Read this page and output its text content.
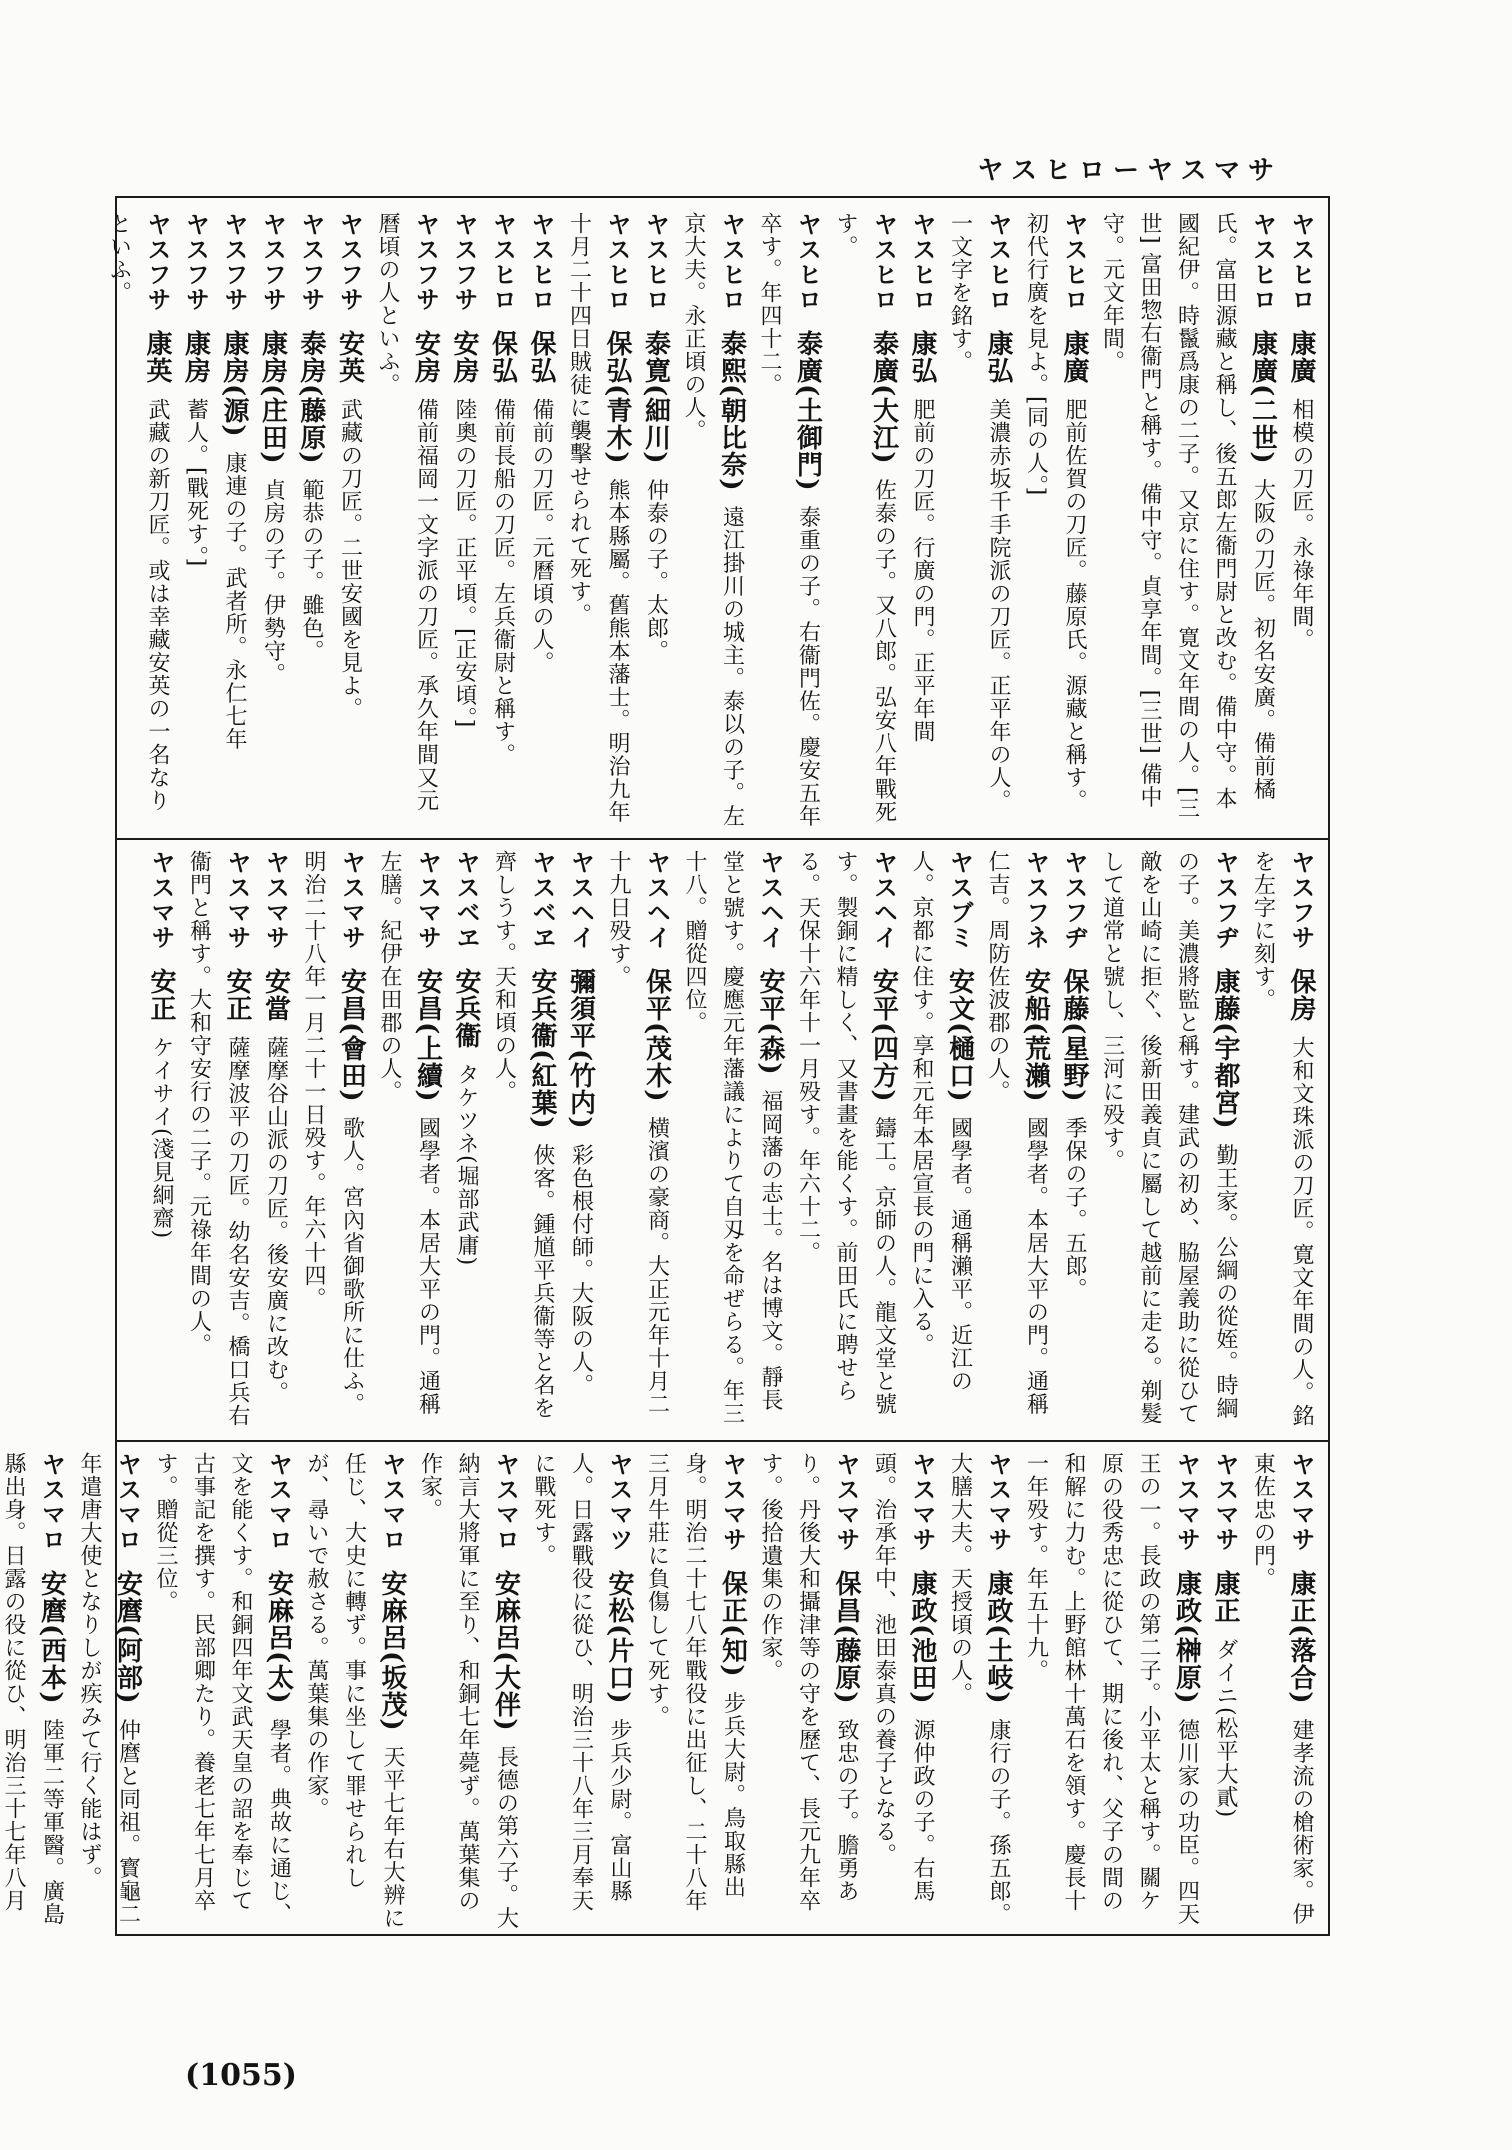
ヤスヒローヤスマサ

ヤスヒロ 康廣 相模の刀匠。永祿年間。

ヤスヒロ 康廣(二世) 大阪の刀匠。初名安廣。備前橘氏。富田源藏と稱し、後五郎左衞門尉と改む。備中守。本國紀伊。時鬣爲康の二子。又京に住す。寛文年間の人。[三世] 富田惣右衞門と稱す。備中守。貞享年間。[三世] 備中守。元文年間。

ヤスヒロ 康廣 肥前佐賀の刀匠。藤原氏。源藏と稱す。初代行廣を見よ。[同の人。]

ヤスヒロ 康弘 美濃赤坂千手院派の刀匠。正平年の人。一文字を銘す。

ヤスヒロ 康弘 肥前の刀匠。行廣の門。正平年間

ヤスヒロ 泰廣(大江) 佐泰の子。又八郎。弘安八年戰死す。

ヤスヒロ 泰廣(土御門) 泰重の子。右衞門佐。慶安五年卒す。年四十二。

ヤスヒロ 泰熙(朝比奈) 遠江掛川の城主。泰以の子。左京大夫。永正頃の人。

ヤスヒロ 泰寛(細川) 仲泰の子。太郎。

ヤスヒロ 保弘(青木) 熊本縣屬。舊熊本藩士。明治九年十月二十四日賊徒に襲擊せられて死す。

ヤスヒロ 保弘 備前の刀匠。元曆頃の人。

ヤスヒロ 保弘 備前長船の刀匠。左兵衞尉と稱す。

ヤスフサ 安房 陸奧の刀匠。正平頃。[正安頃。]

ヤスフサ 安房 備前福岡一文字派の刀匠。承久年間又元曆頃の人といふ。

ヤスフサ 安英 武藏の刀匠。二世安國を見よ。

ヤスフサ 泰房(藤原) 範恭の子。雖色。

ヤスフサ 康房(庄田) 貞房の子。伊勢守。

ヤスフサ 康房(源) 康連の子。武者所。永仁七年

ヤスフサ 康房 蓄人。[戰死す。]

ヤスフサ 康英 武藏の新刀匠。或は幸藏安英の一名なりといふ。

ヤスフサ 保房 大和文珠派の刀匠。寛文年間の人。銘を左字に刻す。

ヤスフヂ 康藤(宇都宮) 勤王家。公綱の從姪。時綱の子。美濃將監と稱す。建武の初め、脇屋義助に從ひて敵を山崎に拒ぐ、後新田義貞に屬して越前に走る。剃髮して道常と號し、三河に殁す。

ヤスフヂ 保藤(星野) 季保の子。五郎。

ヤスフネ 安船(荒瀨) 國學者。本居大平の門。通稱仁吉。周防佐波郡の人。

ヤスブミ 安文(樋口) 國學者。通稱瀨平。近江の人。京都に住す。享和元年本居宣長の門に入る。

ヤスヘイ 安平(四方) 鑄工。京師の人。龍文堂と號す。製銅に精しく、又書畫を能くす。前田氏に聘せらる。天保十六年十一月殁す。年六十二。

ヤスヘイ 安平(森) 福岡藩の志士。名は博文。靜長堂と號す。慶應元年藩議によりて自刄を命ぜらる。年三十八。贈從四位。

ヤスヘイ 保平(茂木) 横濱の豪商。大正元年十月二十九日殁す。

ヤスヘイ 彌須平(竹内) 彩色根付師。大阪の人。

ヤスベヱ 安兵衞(紅葉) 俠客。鍾馗平兵衞等と名を齊しうす。天和頃の人。

ヤスベヱ 安兵衞 タケツネ(堀部武庸)

ヤスマサ 安昌(上續) 國學者。本居大平の門。通稱左膳。紀伊在田郡の人。

ヤスマサ 安昌(會田) 歌人。宮內省御歌所に仕ふ。明治二十八年一月二十一日殁す。年六十四。

ヤスマサ 安當 薩摩谷山派の刀匠。後安廣に改む。

ヤスマサ 安正 薩摩波平の刀匠。幼名安吉。橋口兵右衞門と稱す。大和守安行の二子。元祿年間の人。

ヤスマサ 安正 ケイサイ(淺見絅齋)

ヤスマサ 康正(落合) 建孝流の槍術家。伊東佐忠の門。

ヤスマサ 康正 ダイニ(松平大貳)

ヤスマサ 康政(榊原) 德川家の功臣。四天王の一。長政の第二子。小平太と稱す。關ケ原の役秀忠に從ひて、期に後れ、父子の間の和解に力む。上野館林十萬石を領す。慶長十一年殁す。年五十九。

ヤスマサ 康政(土岐) 康行の子。孫五郎。大膳大夫。天授頃の人。

ヤスマサ 康政(池田) 源仲政の子。右馬頭。治承年中、池田泰真の養子となる。

ヤスマサ 保昌(藤原) 致忠の子。膽勇あり。丹後大和攝津等の守を歷て、長元九年卒す。後拾遺集の作家。

ヤスマサ 保正(知) 步兵大尉。鳥取縣出身。明治二十七八年戰役に出征し、二十八年三月牛莊に負傷して死す。

ヤスマツ 安松(片口) 步兵少尉。富山縣人。日露戰役に從ひ、明治三十八年三月奉天に戰死す。

ヤスマロ 安麻呂(大伴) 長德の第六子。大納言大將軍に至り、和銅七年薨ず。萬葉集の作家。

ヤスマロ 安麻呂(坂茂) 天平七年右大辨に任じ、大史に轉ず。事に坐して罪せられしが、尋いで赦さる。萬葉集の作家。

ヤスマロ 安麻呂(太) 學者。典故に通じ、文を能くす。和銅四年文武天皇の詔を奉じて古事記を撰す。民部卿たり。養老七年七月卒す。贈從三位。

ヤスマロ 安麿(阿部) 仲麿と同祖。寳龜二年遣唐大使となりしが疾みて行く能はず。

ヤスマロ 安麿(西本) 陸軍二等軍醫。廣島縣出身。日露の役に從ひ、明治三十七年八月

(1055)
